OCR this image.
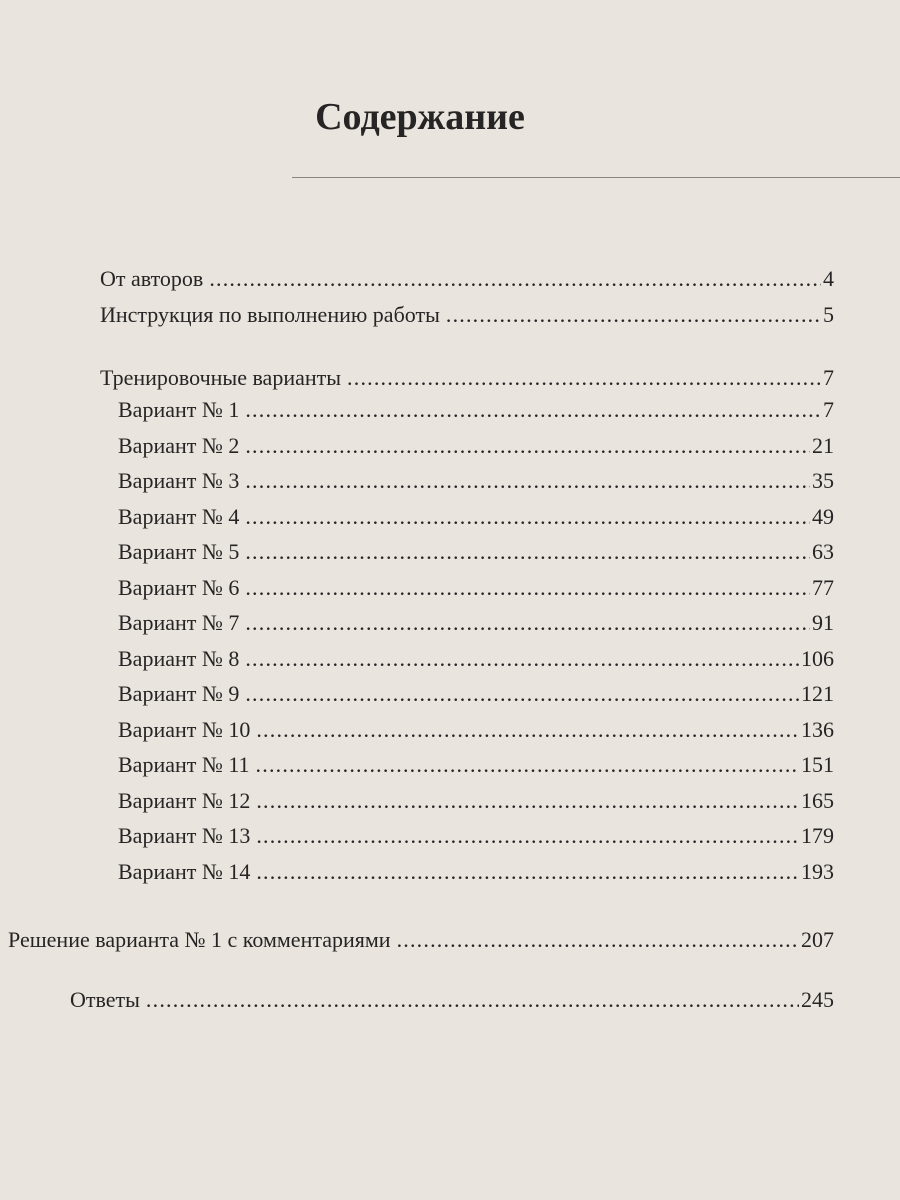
Содержание
От авторов .....	4
Инструкция по выполнению работы .....	5
Тренировочные варианты .....	7
Вариант № 1 .....	7
Вариант № 2 .....	21
Вариант № 3 .....	35
Вариант № 4 .....	49
Вариант № 5 .....	63
Вариант № 6 .....	77
Вариант № 7 .....	91
Вариант № 8 .....	106
Вариант № 9 .....	121
Вариант № 10 .....	136
Вариант № 11 .....	151
Вариант № 12 .....	165
Вариант № 13 .....	179
Вариант № 14 .....	193
Решение варианта № 1 с комментариями .....	207
Ответы .....	245
